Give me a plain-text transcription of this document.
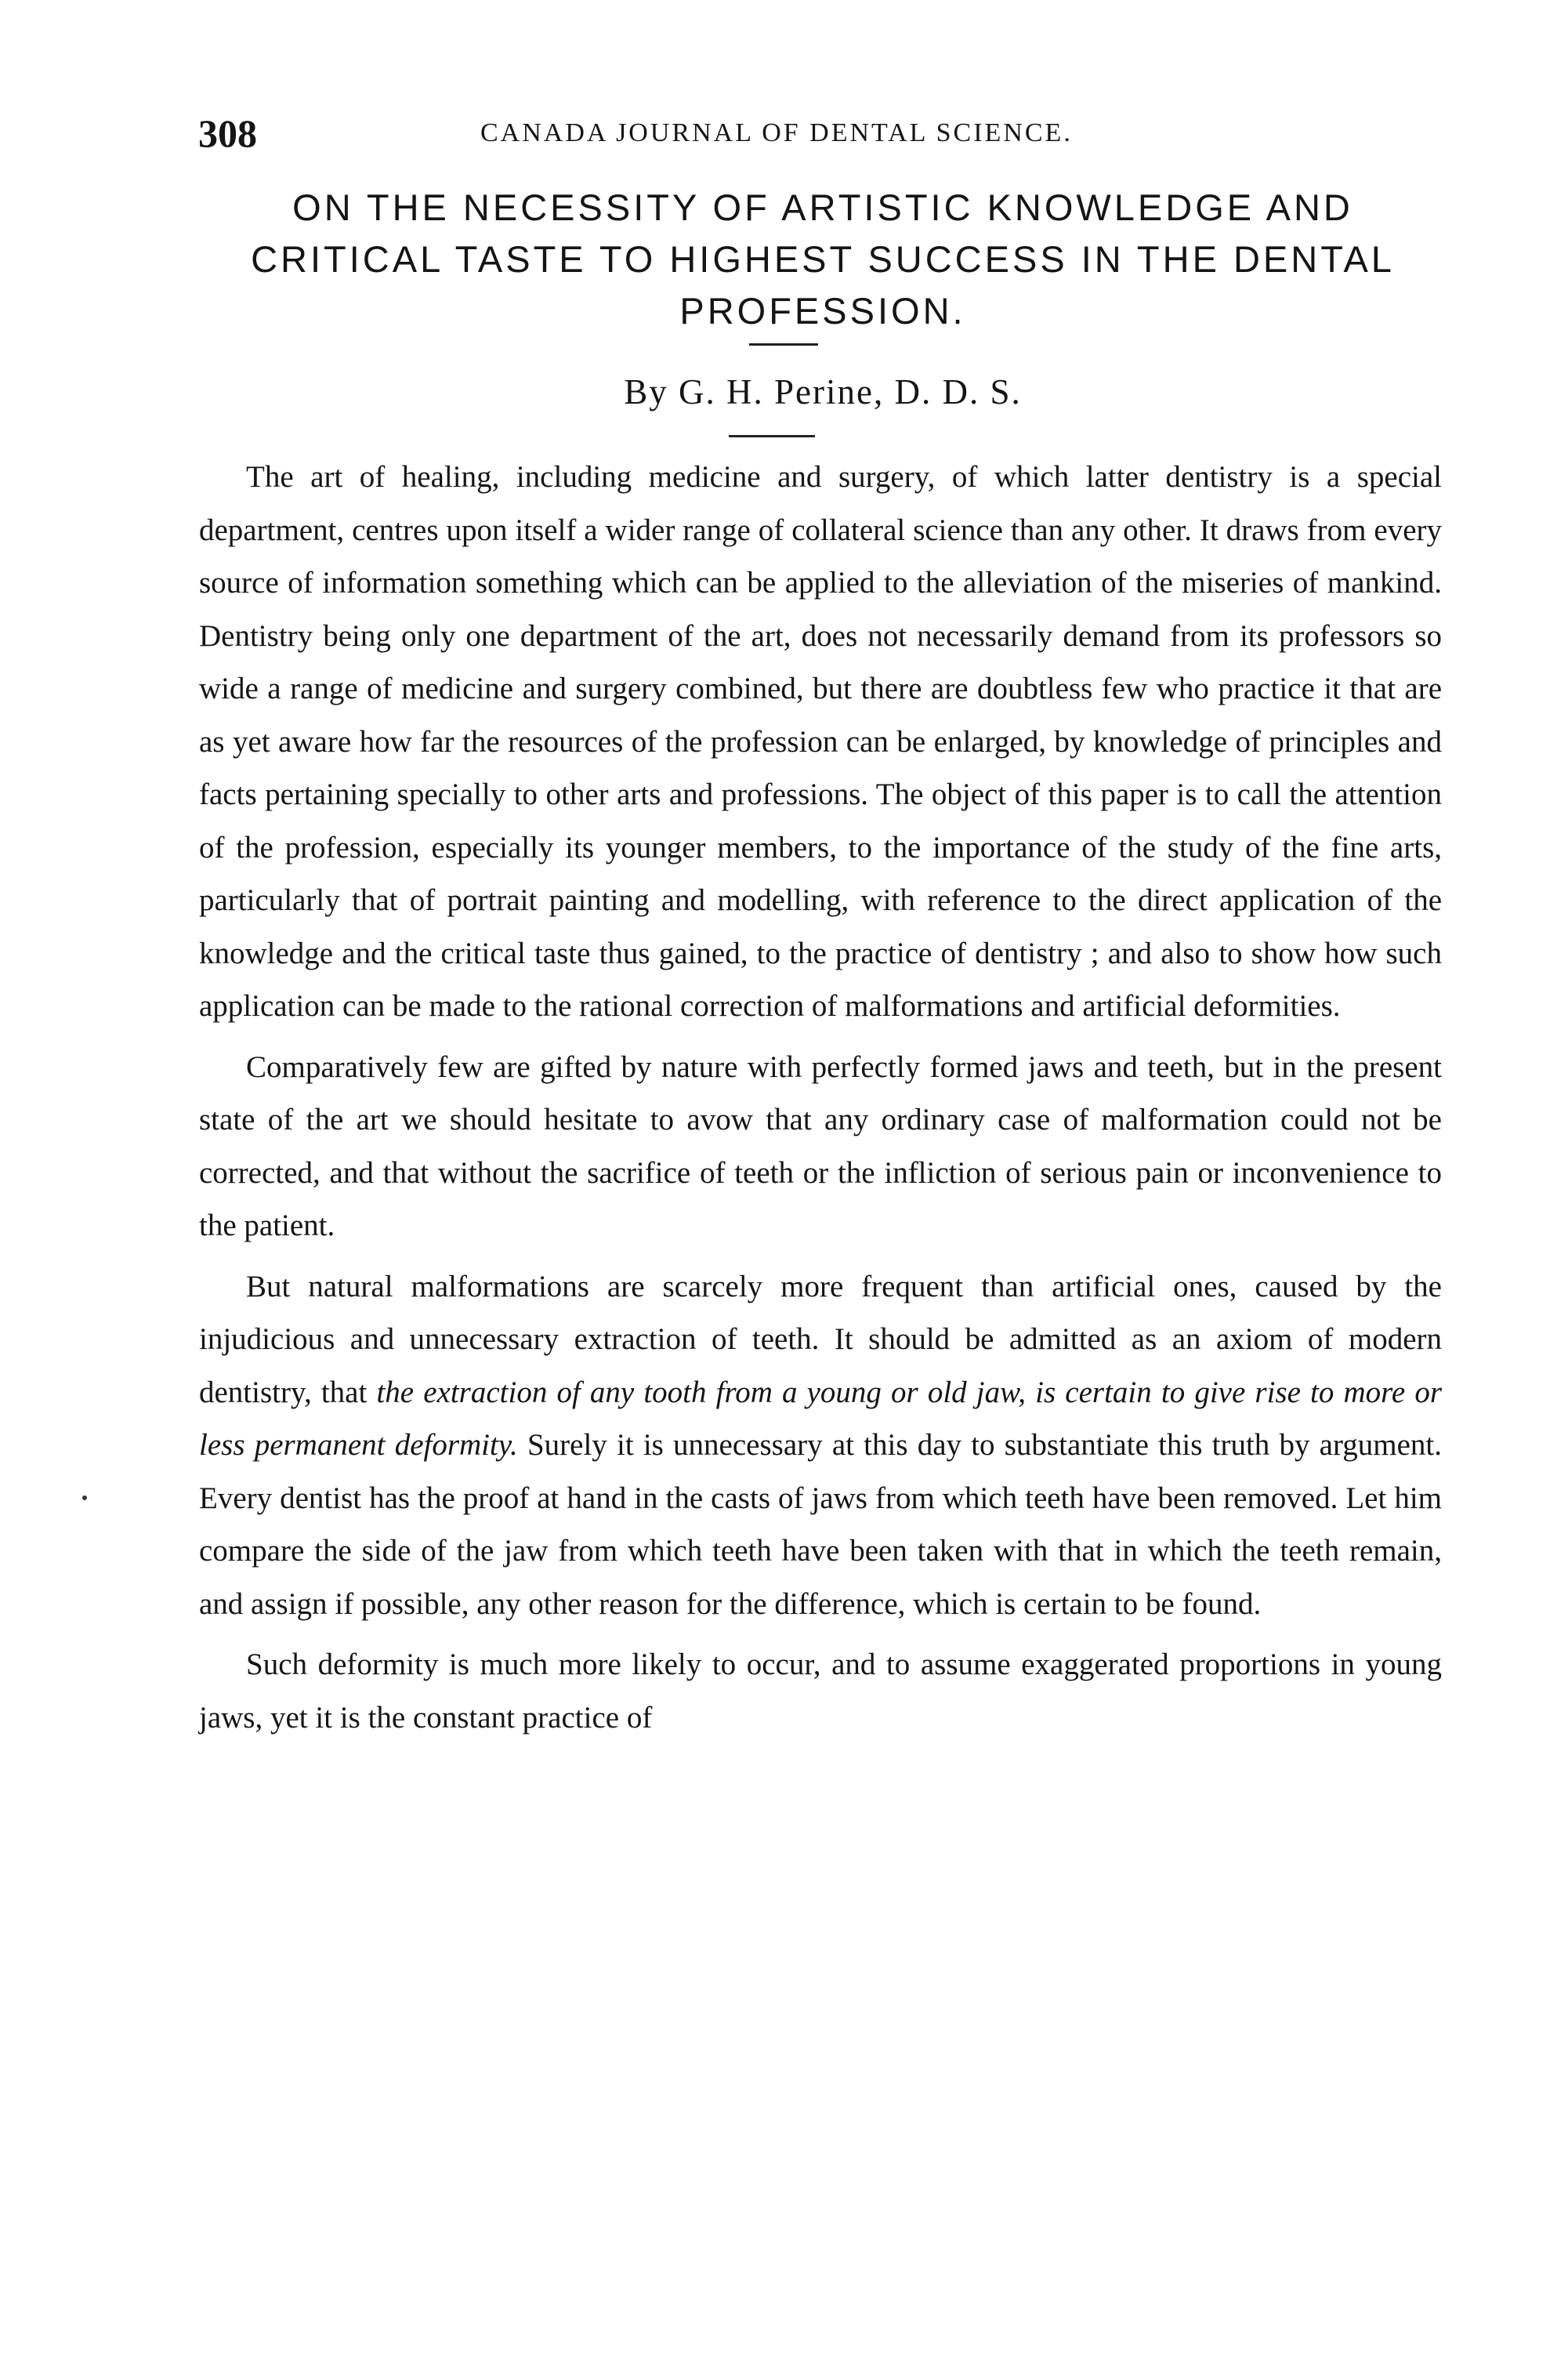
308	CANADA JOURNAL OF DENTAL SCIENCE.
ON THE NECESSITY OF ARTISTIC KNOWLEDGE AND CRITICAL TASTE TO HIGHEST SUCCESS IN THE DENTAL PROFESSION.
By G. H. Perine, D. D. S.

The art of healing, including medicine and surgery, of which latter dentistry is a special department, centres upon itself a wider range of collateral science than any other. It draws from every source of information something which can be applied to the alleviation of the miseries of mankind. Dentistry being only one department of the art, does not necessarily demand from its professors so wide a range of medicine and surgery combined, but there are doubtless few who practice it that are as yet aware how far the resources of the profession can be enlarged, by knowledge of principles and facts pertaining specially to other arts and professions. The object of this paper is to call the attention of the profession, especially its younger members, to the importance of the study of the fine arts, particularly that of portrait painting and modelling, with reference to the direct application of the knowledge and the critical taste thus gained, to the practice of dentistry ; and also to show how such application can be made to the rational correction of malformations and artificial deformities.

Comparatively few are gifted by nature with perfectly formed jaws and teeth, but in the present state of the art we should hesitate to avow that any ordinary case of malformation could not be corrected, and that without the sacrifice of teeth or the infliction of serious pain or inconvenience to the patient.

But natural malformations are scarcely more frequent than artificial ones, caused by the injudicious and unnecessary extraction of teeth. It should be admitted as an axiom of modern dentistry, that the extraction of any tooth from a young or old jaw, is certain to give rise to more or less permanent deformity. Surely it is unnecessary at this day to substantiate this truth by argument. Every dentist has the proof at hand in the casts of jaws from which teeth have been removed. Let him compare the side of the jaw from which teeth have been taken with that in which the teeth remain, and assign if possible, any other reason for the difference, which is certain to be found.

Such deformity is much more likely to occur, and to assume exaggerated proportions in young jaws, yet it is the constant practice of
